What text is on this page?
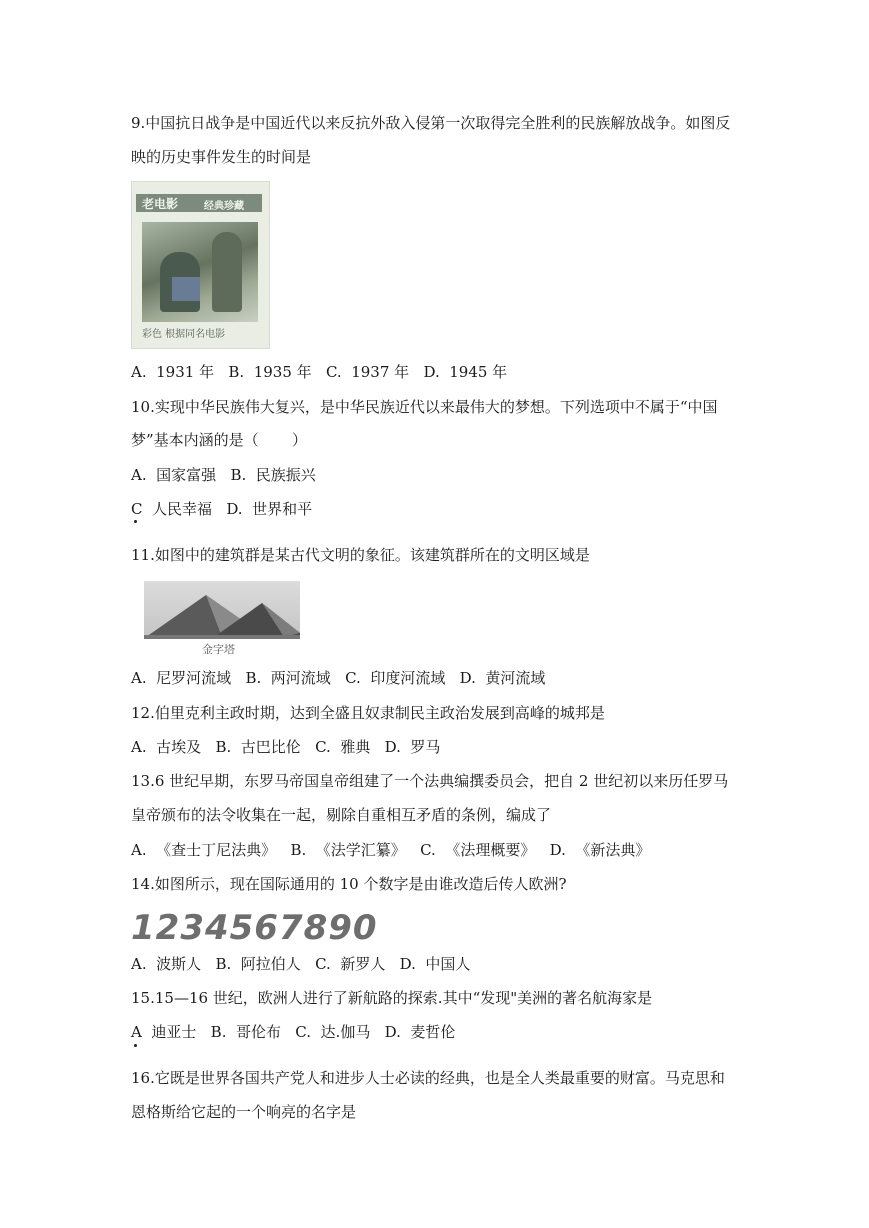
9.中国抗日战争是中国近代以来反抗外敌入侵第一次取得完全胜利的民族解放战争。如图反
映的历史事件发生的时间是
老电影	经典珍藏
彩色 根据同名电影
A.  1931 年   B.  1935 年   C.  1937 年   D.  1945 年
10.实现中华民族伟大复兴，是中华民族近代以来最伟大的梦想。下列选项中不属于“中国
梦”基本内涵的是（       ）
A.  国家富强   B.  民族振兴
C  人民幸福   D.  世界和平
11.如图中的建筑群是某古代文明的象征。该建筑群所在的文明区域是
金字塔
A.  尼罗河流域   B.  两河流域   C.  印度河流域   D.  黄河流域
12.伯里克利主政时期，达到全盛且奴隶制民主政治发展到高峰的城邦是
A.  古埃及   B.  古巴比伦   C.  雅典   D.  罗马
13.6 世纪早期，东罗马帝国皇帝组建了一个法典编撰委员会，把自 2 世纪初以来历任罗马
皇帝颁布的法令收集在一起，剔除自重相互矛盾的条例，编成了
A.  《查士丁尼法典》   B.  《法学汇纂》   C.  《法理概要》   D.  《新法典》
14.如图所示，现在国际通用的 10 个数字是由谁改造后传人欧洲?
1234567890
A.  波斯人   B.  阿拉伯人   C.  新罗人   D.  中国人
15.15—16 世纪，欧洲人进行了新航路的探索.其中“发现"美洲的著名航海家是
A  迪亚士   B.  哥伦布   C.  达.伽马   D.  麦哲伦
16.它既是世界各国共产党人和进步人士必读的经典，也是全人类最重要的财富。马克思和
恩格斯给它起的一个响亮的名字是
